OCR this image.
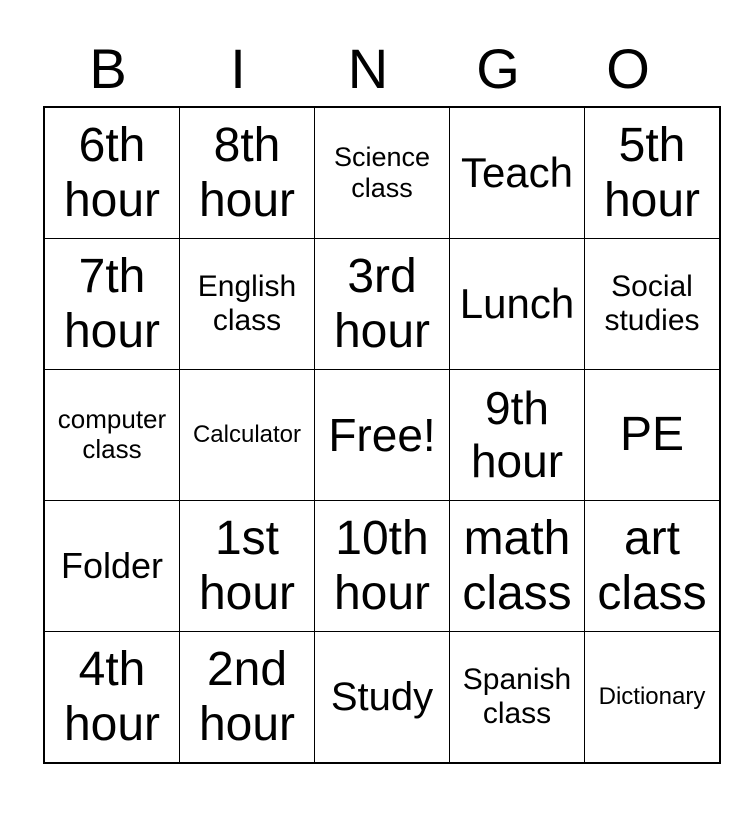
B	I	N	G	O
6th hour	8th hour	Science class	Teach	5th hour
7th hour	English class	3rd hour	Lunch	Social studies
computer class	Calculator	Free!	9th hour	PE
Folder	1st hour	10th hour	math class	art class
4th hour	2nd hour	Study	Spanish class	Dictionary
